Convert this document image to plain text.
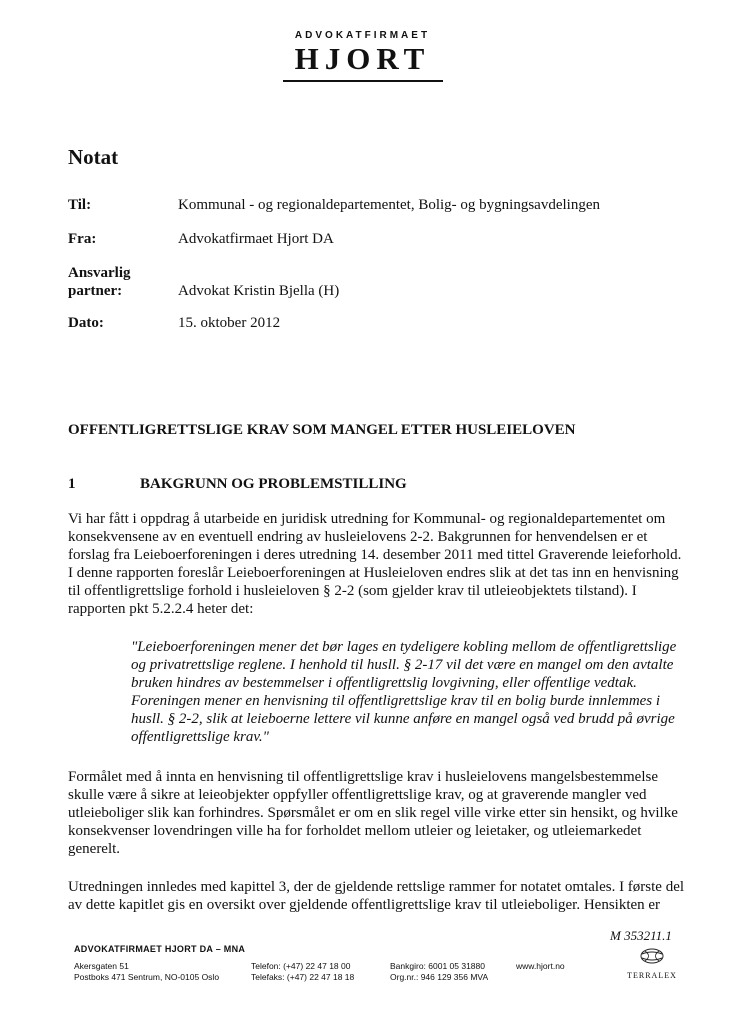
ADVOKATFIRMAET
HJORT
Notat
Til:	Kommunal - og regionaldepartementet, Bolig- og bygningsavdelingen
Fra:	Advokatfirmaet Hjort DA
Ansvarlig
partner:	Advokat Kristin Bjella (H)
Dato:	15. oktober 2012
OFFENTLIGRETTSLIGE KRAV SOM MANGEL ETTER HUSLEIELOVEN
1	BAKGRUNN OG PROBLEMSTILLING
Vi har fått i oppdrag å utarbeide en juridisk utredning for Kommunal- og regionaldepartementet om
konsekvensene av en eventuell endring av husleielovens 2-2. Bakgrunnen for henvendelsen er et
forslag fra Leieboerforeningen i deres utredning 14. desember 2011 med tittel Graverende leieforhold.
I denne rapporten foreslår Leieboerforeningen at Husleieloven endres slik at det tas inn en henvisning
til offentligrettslige forhold i husleieloven § 2-2 (som gjelder krav til utleieobjektets tilstand). I
rapporten pkt 5.2.2.4 heter det:
"Leieboerforeningen mener det bør lages en tydeligere kobling mellom de offentligrettslige
og privatrettslige reglene. I henhold til husll. § 2-17 vil det være en mangel om den avtalte
bruken hindres av bestemmelser i offentligrettslig lovgivning, eller offentlige vedtak.
Foreningen mener en henvisning til offentligrettslige krav til en bolig burde innlemmes i
husll. § 2-2, slik at leieboerne lettere vil kunne anføre en mangel også ved brudd på øvrige
offentligrettslige krav."
Formålet med å innta en henvisning til offentligrettslige krav i husleielovens mangelsbestemmelse
skulle være å sikre at leieobjekter oppfyller offentligrettslige krav, og at graverende mangler ved
utleieboliger slik kan forhindres. Spørsmålet er om en slik regel ville virke etter sin hensikt, og hvilke
konsekvenser lovendringen ville ha for forholdet mellom utleier og leietaker, og utleiemarkedet
generelt.
Utredningen innledes med kapittel 3, der de gjeldende rettslige rammer for notatet omtales. I første del
av dette kapitlet gis en oversikt over gjeldende offentligrettslige krav til utleieboliger. Hensikten er
M 353211.1
ADVOKATFIRMAET HJORT DA – MNA
Akersgaten 51
Postboks 471 Sentrum, NO-0105 Oslo
Telefon: (+47) 22 47 18 00
Telefaks: (+47) 22 47 18 18
Bankgiro: 6001 05 31880
Org.nr.: 946 129 356 MVA
www.hjort.no
TERRALEX
